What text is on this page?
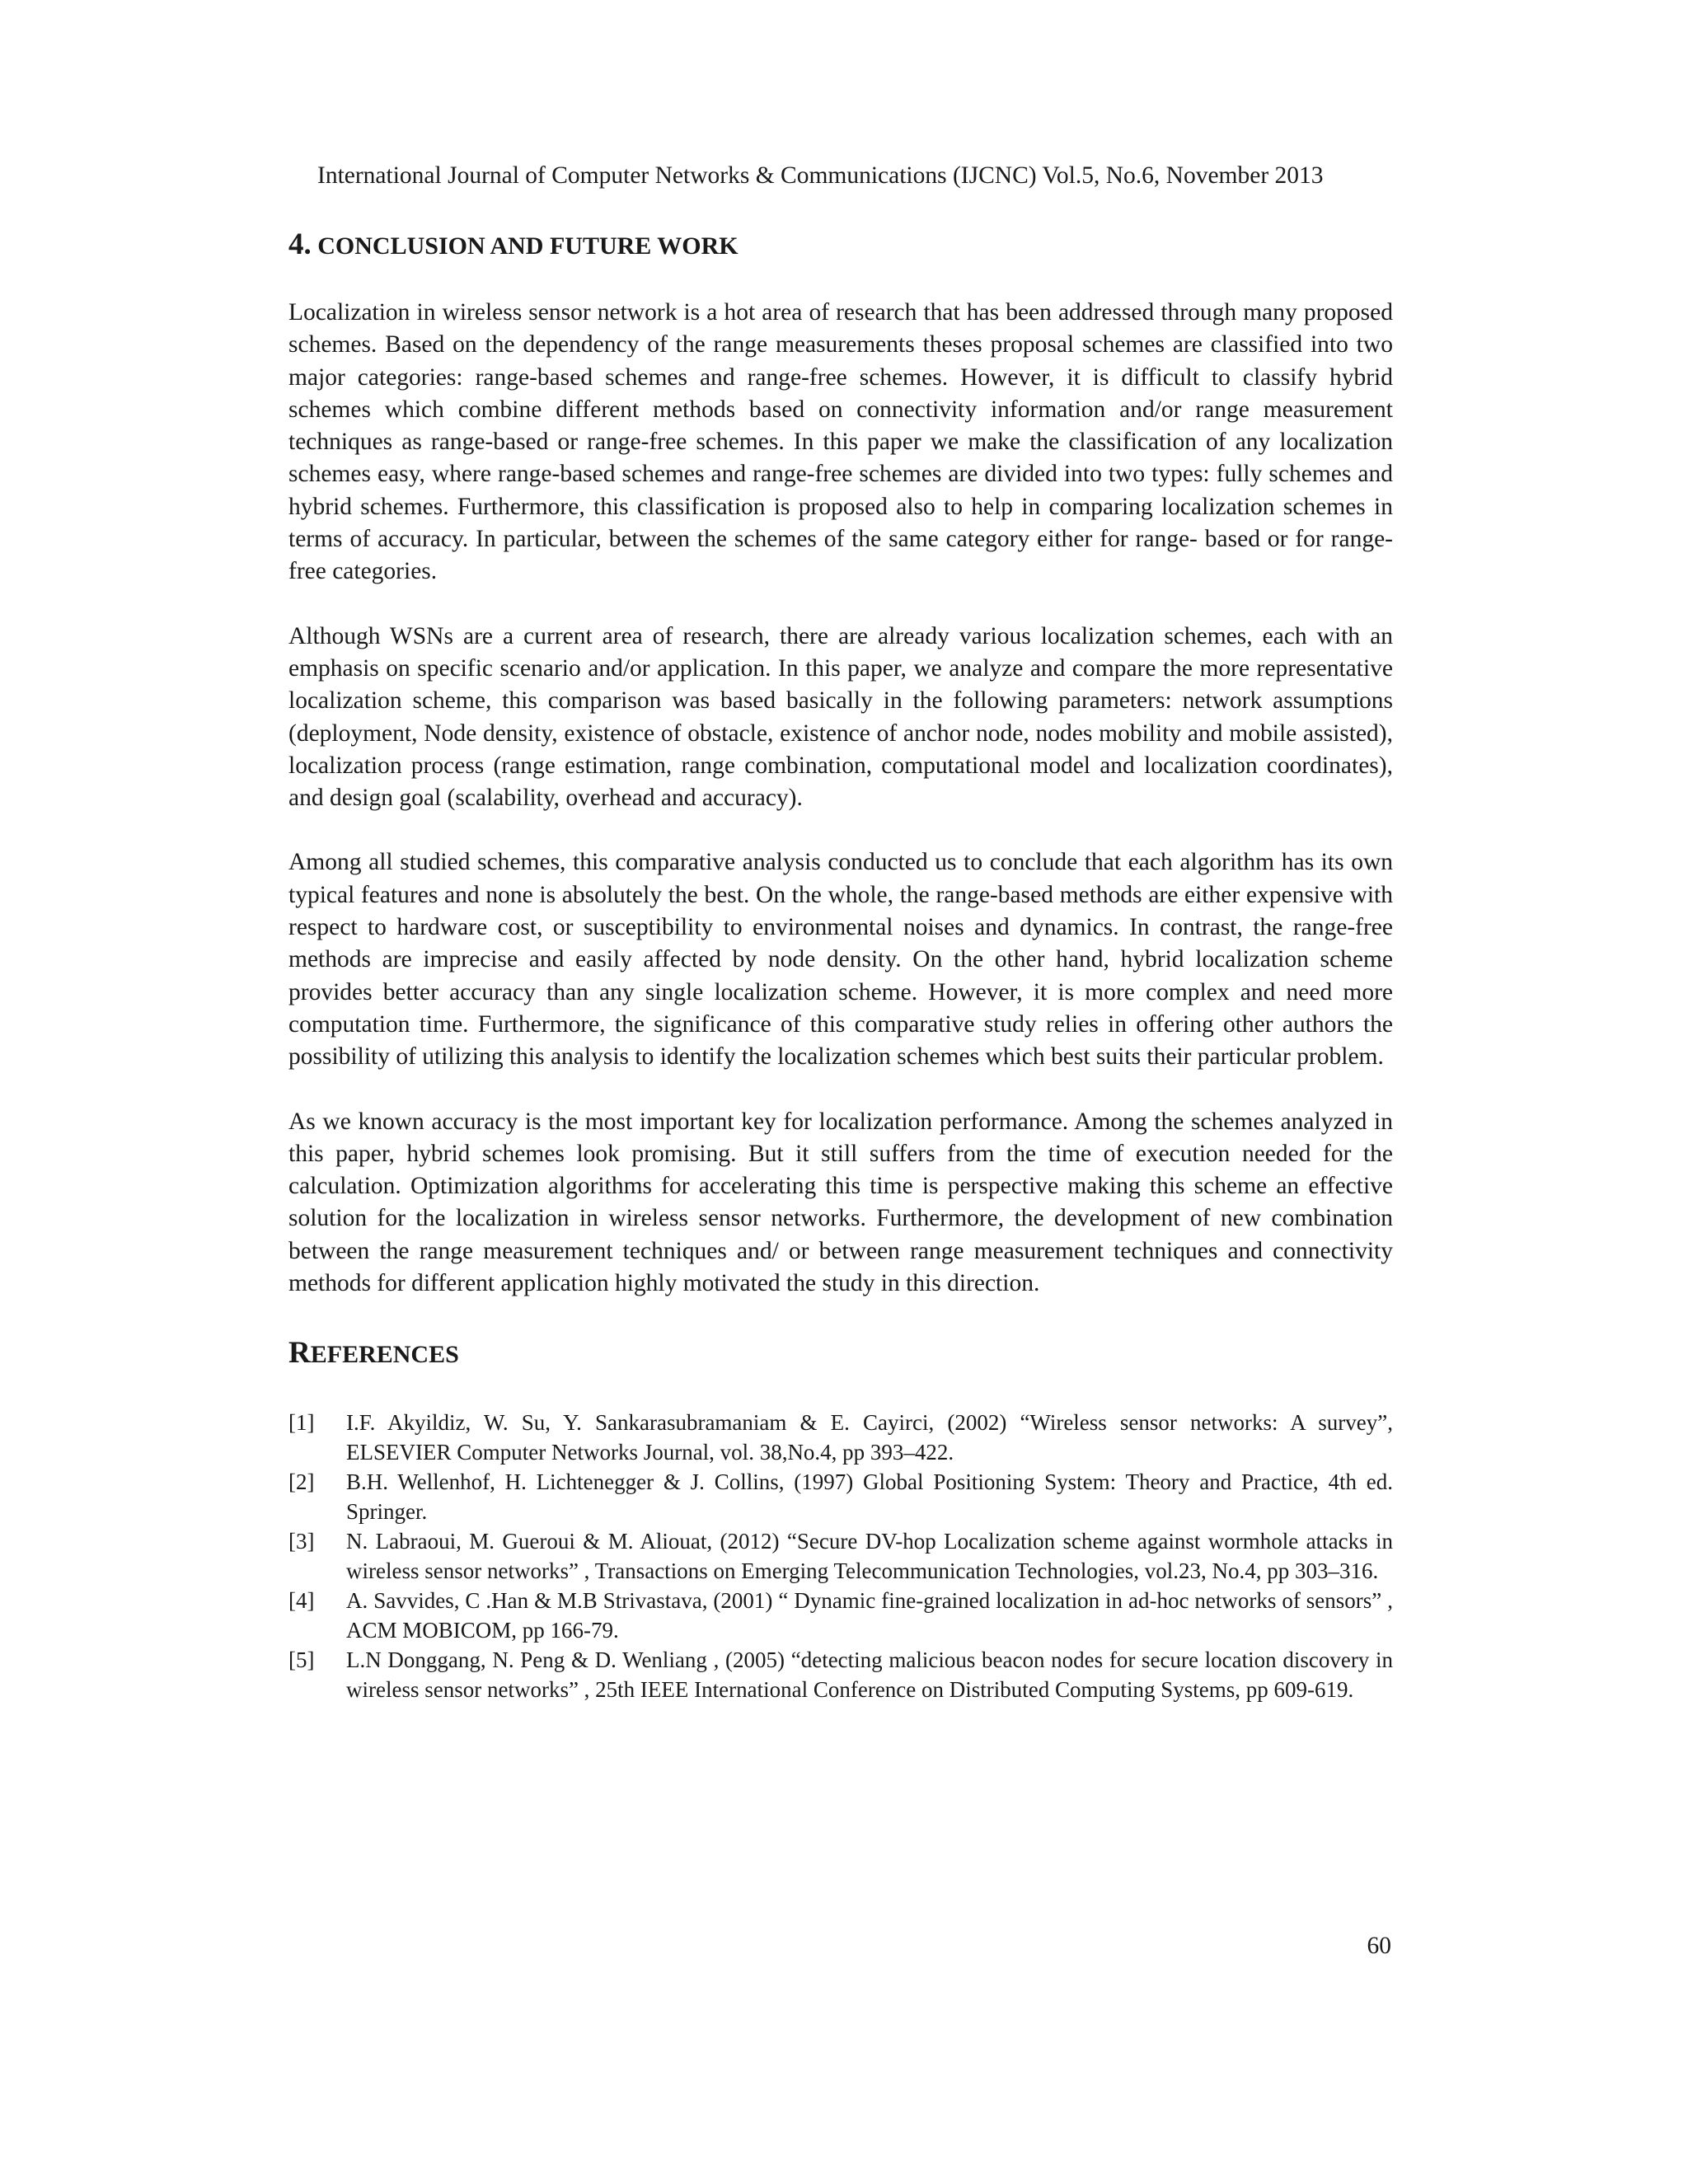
International Journal of Computer Networks & Communications (IJCNC) Vol.5, No.6, November 2013
4. CONCLUSION AND FUTURE WORK

Localization in wireless sensor network is a hot area of research that has been addressed through many proposed schemes. Based on the dependency of the range measurements theses proposal schemes are classified into two major categories: range-based schemes and range-free schemes. However, it is difficult to classify hybrid schemes which combine different methods based on connectivity information and/or range measurement techniques as range-based or range-free schemes. In this paper we make the classification of any localization schemes easy, where range-based schemes and range-free schemes are divided into two types: fully schemes and hybrid schemes. Furthermore, this classification is proposed also to help in comparing localization schemes in terms of accuracy. In particular, between the schemes of the same category either for range- based or for range- free categories.

Although WSNs are a current area of research, there are already various localization schemes, each with an emphasis on specific scenario and/or application. In this paper, we analyze and compare the more representative localization scheme, this comparison was based basically in the following parameters: network assumptions (deployment, Node density, existence of obstacle, existence of anchor node, nodes mobility and mobile assisted), localization process (range estimation, range combination, computational model and localization coordinates), and design goal (scalability, overhead and accuracy).

Among all studied schemes, this comparative analysis conducted us to conclude that each algorithm has its own typical features and none is absolutely the best. On the whole, the range-based methods are either expensive with respect to hardware cost, or susceptibility to environmental noises and dynamics. In contrast, the range-free methods are imprecise and easily affected by node density. On the other hand, hybrid localization scheme provides better accuracy than any single localization scheme. However, it is more complex and need more computation time. Furthermore, the significance of this comparative study relies in offering other authors the possibility of utilizing this analysis to identify the localization schemes which best suits their particular problem.

As we known accuracy is the most important key for localization performance. Among the schemes analyzed in this paper, hybrid schemes look promising. But it still suffers from the time of execution needed for the calculation. Optimization algorithms for accelerating this time is perspective making this scheme an effective solution for the localization in wireless sensor networks. Furthermore, the development of new combination between the range measurement techniques and/ or between range measurement techniques and connectivity methods for different application highly motivated the study in this direction.

REFERENCES
[1]	I.F. Akyildiz, W. Su, Y. Sankarasubramaniam & E. Cayirci, (2002) “Wireless sensor networks: A survey”, ELSEVIER Computer Networks Journal, vol. 38,No.4, pp 393–422.
[2]	B.H. Wellenhof, H. Lichtenegger & J. Collins, (1997) Global Positioning System: Theory and Practice, 4th ed. Springer.
[3]	N. Labraoui, M. Gueroui & M. Aliouat, (2012) “Secure DV-hop Localization scheme against wormhole attacks in wireless sensor networks” , Transactions on Emerging Telecommunication Technologies, vol.23, No.4, pp 303–316.
[4]	A. Savvides, C .Han & M.B Strivastava, (2001) “ Dynamic fine-grained localization in ad-hoc networks of sensors” , ACM MOBICOM, pp 166-79.
[5]	L.N Donggang, N. Peng & D. Wenliang , (2005) “detecting malicious beacon nodes for secure location discovery in wireless sensor networks” , 25th IEEE International Conference on Distributed Computing Systems, pp 609-619.
60
